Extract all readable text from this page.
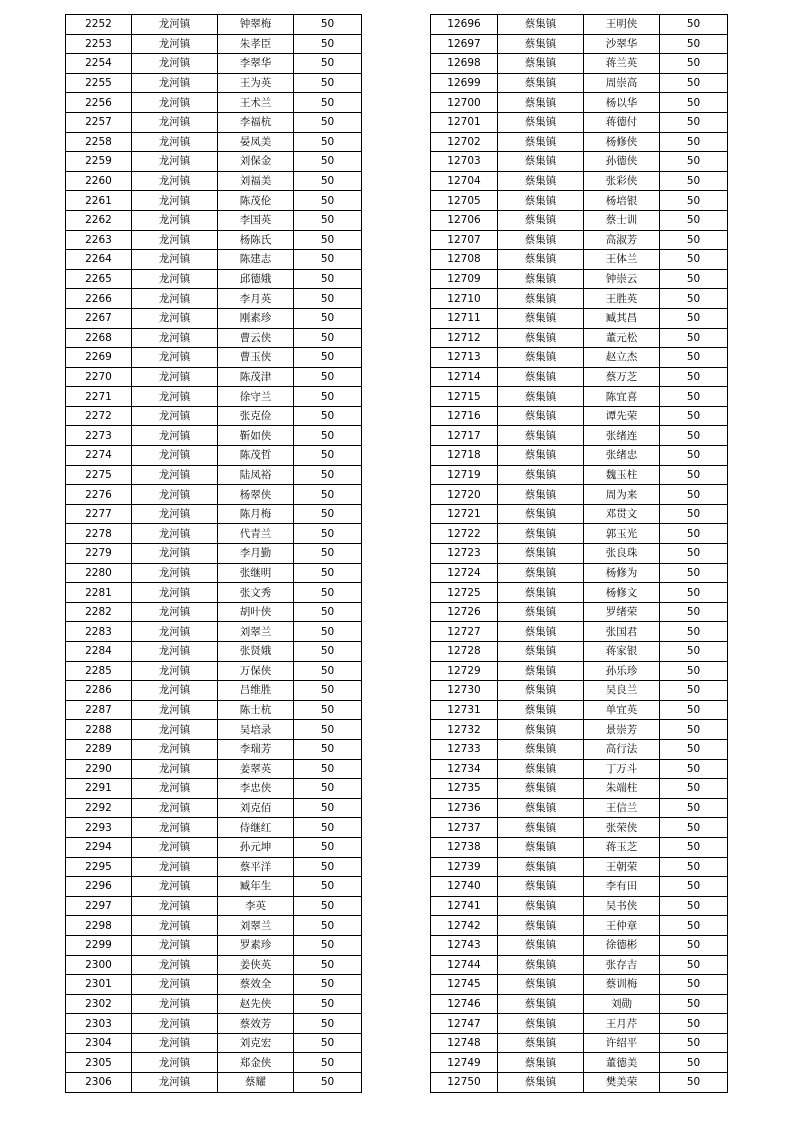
2252	龙河镇	钟翠梅	50
2253	龙河镇	朱孝臣	50
2254	龙河镇	李翠华	50
2255	龙河镇	王为英	50
2256	龙河镇	王术兰	50
2257	龙河镇	李福杭	50
2258	龙河镇	晏凤美	50
2259	龙河镇	刘保金	50
2260	龙河镇	刘福美	50
2261	龙河镇	陈茂伦	50
2262	龙河镇	李国英	50
2263	龙河镇	杨陈氏	50
2264	龙河镇	陈建志	50
2265	龙河镇	邱德娥	50
2266	龙河镇	李月英	50
2267	龙河镇	刚素珍	50
2268	龙河镇	曹云侠	50
2269	龙河镇	曹玉侠	50
2270	龙河镇	陈茂津	50
2271	龙河镇	徐守兰	50
2272	龙河镇	张克俭	50
2273	龙河镇	靳如侠	50
2274	龙河镇	陈茂哲	50
2275	龙河镇	陆凤裕	50
2276	龙河镇	杨翠侠	50
2277	龙河镇	陈月梅	50
2278	龙河镇	代青兰	50
2279	龙河镇	李月勤	50
2280	龙河镇	张继明	50
2281	龙河镇	张文秀	50
2282	龙河镇	胡叶侠	50
2283	龙河镇	刘翠兰	50
2284	龙河镇	张贤娥	50
2285	龙河镇	万保侠	50
2286	龙河镇	吕维胜	50
2287	龙河镇	陈士杭	50
2288	龙河镇	吴培录	50
2289	龙河镇	李瑞芳	50
2290	龙河镇	姜翠英	50
2291	龙河镇	李忠侠	50
2292	龙河镇	刘克佰	50
2293	龙河镇	侍继红	50
2294	龙河镇	孙元坤	50
2295	龙河镇	蔡平洋	50
2296	龙河镇	臧年生	50
2297	龙河镇	李英	50
2298	龙河镇	刘翠兰	50
2299	龙河镇	罗素珍	50
2300	龙河镇	姜侠英	50
2301	龙河镇	蔡效全	50
2302	龙河镇	赵先侠	50
2303	龙河镇	蔡效芳	50
2304	龙河镇	刘克宏	50
2305	龙河镇	郑金侠	50
2306	龙河镇	蔡耀	50
12696	蔡集镇	王明侠	50
12697	蔡集镇	沙翠华	50
12698	蔡集镇	蒋兰英	50
12699	蔡集镇	周崇高	50
12700	蔡集镇	杨以华	50
12701	蔡集镇	蒋德付	50
12702	蔡集镇	杨修侠	50
12703	蔡集镇	孙德侠	50
12704	蔡集镇	张彩侠	50
12705	蔡集镇	杨培银	50
12706	蔡集镇	蔡士训	50
12707	蔡集镇	高淑芳	50
12708	蔡集镇	王体兰	50
12709	蔡集镇	钟崇云	50
12710	蔡集镇	王胜英	50
12711	蔡集镇	臧其昌	50
12712	蔡集镇	董元松	50
12713	蔡集镇	赵立杰	50
12714	蔡集镇	蔡万芝	50
12715	蔡集镇	陈宜喜	50
12716	蔡集镇	谭先荣	50
12717	蔡集镇	张绪连	50
12718	蔡集镇	张绪忠	50
12719	蔡集镇	魏玉柱	50
12720	蔡集镇	周为来	50
12721	蔡集镇	邓贯文	50
12722	蔡集镇	郭玉光	50
12723	蔡集镇	张良珠	50
12724	蔡集镇	杨修为	50
12725	蔡集镇	杨修文	50
12726	蔡集镇	罗绪荣	50
12727	蔡集镇	张国君	50
12728	蔡集镇	蒋家银	50
12729	蔡集镇	孙乐珍	50
12730	蔡集镇	吴良兰	50
12731	蔡集镇	单宜英	50
12732	蔡集镇	景崇芳	50
12733	蔡集镇	高行法	50
12734	蔡集镇	丁万斗	50
12735	蔡集镇	朱端柱	50
12736	蔡集镇	王信兰	50
12737	蔡集镇	张荣侠	50
12738	蔡集镇	蒋玉芝	50
12739	蔡集镇	王朝荣	50
12740	蔡集镇	李有田	50
12741	蔡集镇	吴书侠	50
12742	蔡集镇	王仲章	50
12743	蔡集镇	徐德彬	50
12744	蔡集镇	张存吉	50
12745	蔡集镇	蔡训梅	50
12746	蔡集镇	刘勋	50
12747	蔡集镇	王月芹	50
12748	蔡集镇	许绍平	50
12749	蔡集镇	董德美	50
12750	蔡集镇	樊美荣	50
